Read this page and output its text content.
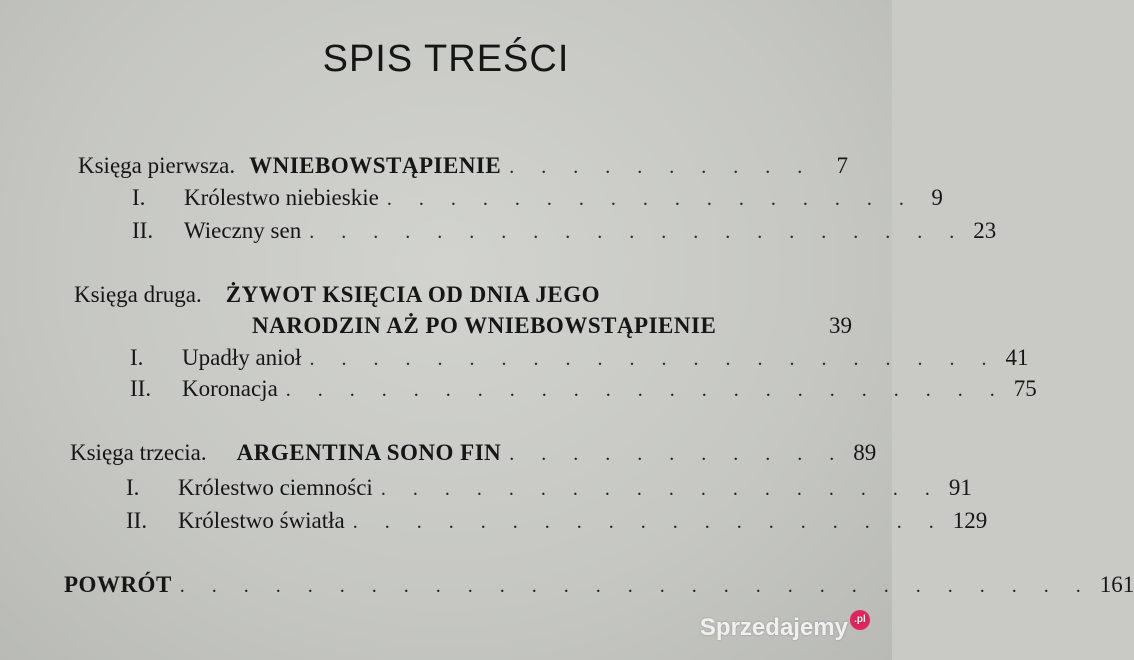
SPIS TREŚCI
Księga pierwsza. WNIEBOWSTĄPIENIE . . . . . . . . . .	7
I.	Królestwo niebieskie . . . . . . . . . . . . . . . . . 9
II.	Wieczny sen . . . . . . . . . . . . . . . . . . . . . 23
Księga druga. ŻYWOT KSIĘCIA OD DNIA JEGO
NARODZIN AŻ PO WNIEBOWSTĄPIENIE	39
I.	Upadły anioł . . . . . . . . . . . . . . . . . . . . . . 41
II.	Koronacja . . . . . . . . . . . . . . . . . . . . . . . 75
Księga trzecia. ARGENTINA SONO FIN . . . . . . . . . . . 89
I.	Królestwo ciemności . . . . . . . . . . . . . . . . . . 91
II.	Królestwo światła . . . . . . . . . . . . . . . . . . . 129
POWRÓT . . . . . . . . . . . . . . . . . . . . . . . . . . . . . 161
Sprzedajemy .pl
